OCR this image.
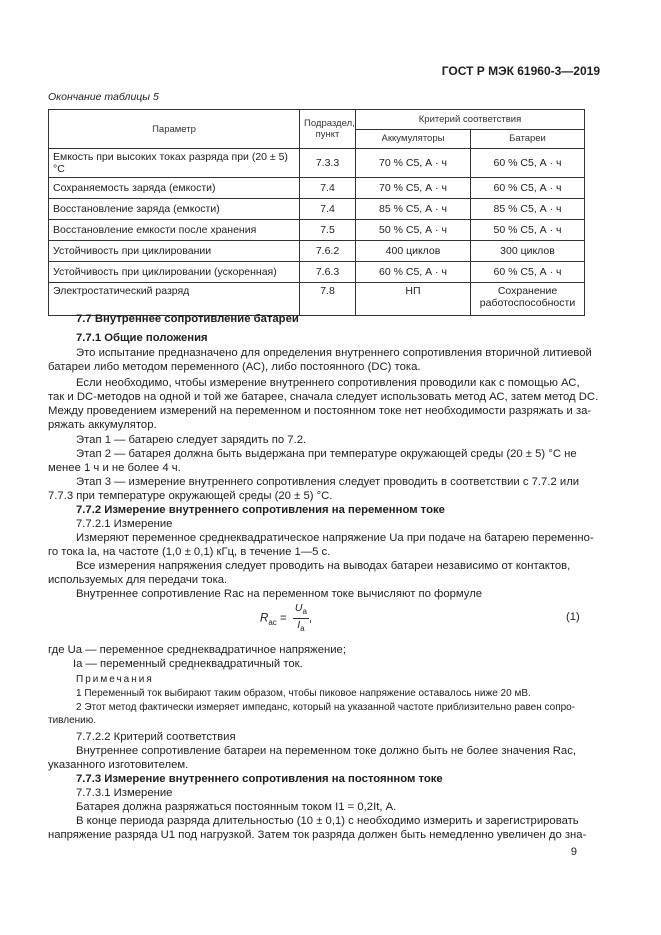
ГОСТ Р МЭК 61960-3—2019
Окончание таблицы 5
Параметр	Подраздел, пункт	Критерий соответствия	
		Аккумуляторы	Батареи
Емкость при высоких токах разряда при (20 ± 5) °С	7.3.3	70 % C5, А · ч	60 % C5, А · ч
Сохраняемость заряда (емкости)	7.4	70 % C5, А · ч	60 % C5, А · ч
Восстановление заряда (емкости)	7.4	85 % C5, А · ч	85 % C5, А · ч
Восстановление емкости после хранения	7.5	50 % C5, А · ч	50 % C5, А · ч
Устойчивость при циклировании	7.6.2	400 циклов	300 циклов
Устойчивость при циклировании (ускоренная)	7.6.3	60 % C5, А · ч	60 % C5, А · ч
Электростатический разряд	7.8	НП	Сохранение работоспособности
7.7 Внутреннее сопротивление батареи
7.7.1 Общие положения
Это испытание предназначено для определения внутреннего сопротивления вторичной литиевой
батареи либо методом переменного (АС), либо постоянного (DC) тока.
Если необходимо, чтобы измерение внутреннего сопротивления проводили как с помощью АС,
так и DC-методов на одной и той же батарее, сначала следует использовать метод АС, затем метод DC.
Между проведением измерений на переменном и постоянном токе нет необходимости разряжать и за-
ряжать аккумулятор.
Этап 1 — батарею следует зарядить по 7.2.
Этап 2 — батарея должна быть выдержана при температуре окружающей среды (20 ± 5) °С не
менее 1 ч и не более 4 ч.
Этап 3 — измерение внутреннего сопротивления следует проводить в соответствии с 7.7.2 или
7.7.3 при температуре окружающей среды (20 ± 5) °С.
7.7.2 Измерение внутреннего сопротивления на переменном токе
7.7.2.1 Измерение
Измеряют переменное среднеквадратическое напряжение Ua при подаче на батарею переменно-
го тока Ia, на частоте (1,0 ± 0,1) кГц, в течение 1—5 с.
Все измерения напряжения следует проводить на выводах батареи независимо от контактов,
используемых для передачи тока.
Внутреннее сопротивление Rac на переменном токе вычисляют по формуле
$R_{ac} = \frac{U_a}{I_a}$ ,	(1)
где Ua — переменное среднеквадратичное напряжение;
Ia — переменный среднеквадратичный ток.
Примечания
1 Переменный ток выбирают таким образом, чтобы пиковое напряжение оставалось ниже 20 мВ.
2 Этот метод фактически измеряет импеданс, который на указанной частоте приблизительно равен сопро-
тивлению.
7.7.2.2 Критерий соответствия
Внутреннее сопротивление батареи на переменном токе должно быть не более значения Rac,
указанного изготовителем.
7.7.3 Измерение внутреннего сопротивления на постоянном токе
7.7.3.1 Измерение
Батарея должна разряжаться постоянным током I1 = 0,2It, А.
В конце периода разряда длительностью (10 ± 0,1) с необходимо измерить и зарегистрировать
напряжение разряда U1 под нагрузкой. Затем ток разряда должен быть немедленно увеличен до зна-
9
